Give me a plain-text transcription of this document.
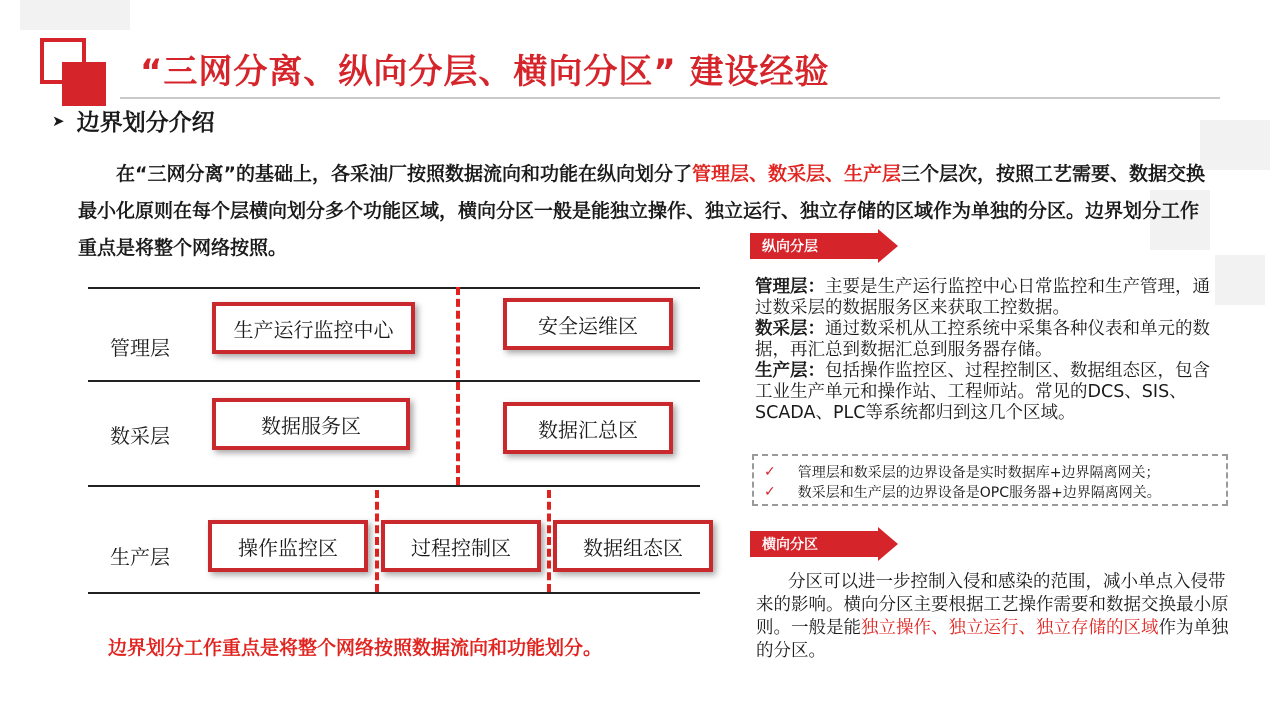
“三网分离、纵向分层、横向分区” 建设经验
➤ 边界划分介绍
在“三网分离”的基础上，各采油厂按照数据流向和功能在纵向划分了管理层、数采层、生产层三个层次，按照工艺需要、数据交换最小化原则在每个层横向划分多个功能区域，横向分区一般是能独立操作、独立运行、独立存储的区域作为单独的分区。边界划分工作重点是将整个网络按照。
管理层
数采层
生产层
生产运行监控中心	安全运维区
数据服务区	数据汇总区
操作监控区	过程控制区	数据组态区
边界划分工作重点是将整个网络按照数据流向和功能划分。
纵向分层
管理层：主要是生产运行监控中心日常监控和生产管理，通过数采层的数据服务区来获取工控数据。
数采层：通过数采机从工控系统中采集各种仪表和单元的数据，再汇总到数据汇总到服务器存储。
生产层：包括操作监控区、过程控制区、数据组态区，包含工业生产单元和操作站、工程师站。常见的DCS、SIS、SCADA、PLC等系统都归到这几个区域。
✓ 管理层和数采层的边界设备是实时数据库+边界隔离网关；
✓ 数采层和生产层的边界设备是OPC服务器+边界隔离网关。
横向分区
分区可以进一步控制入侵和感染的范围，减小单点入侵带来的影响。横向分区主要根据工艺操作需要和数据交换最小原则。一般是能独立操作、独立运行、独立存储的区域作为单独的分区。
